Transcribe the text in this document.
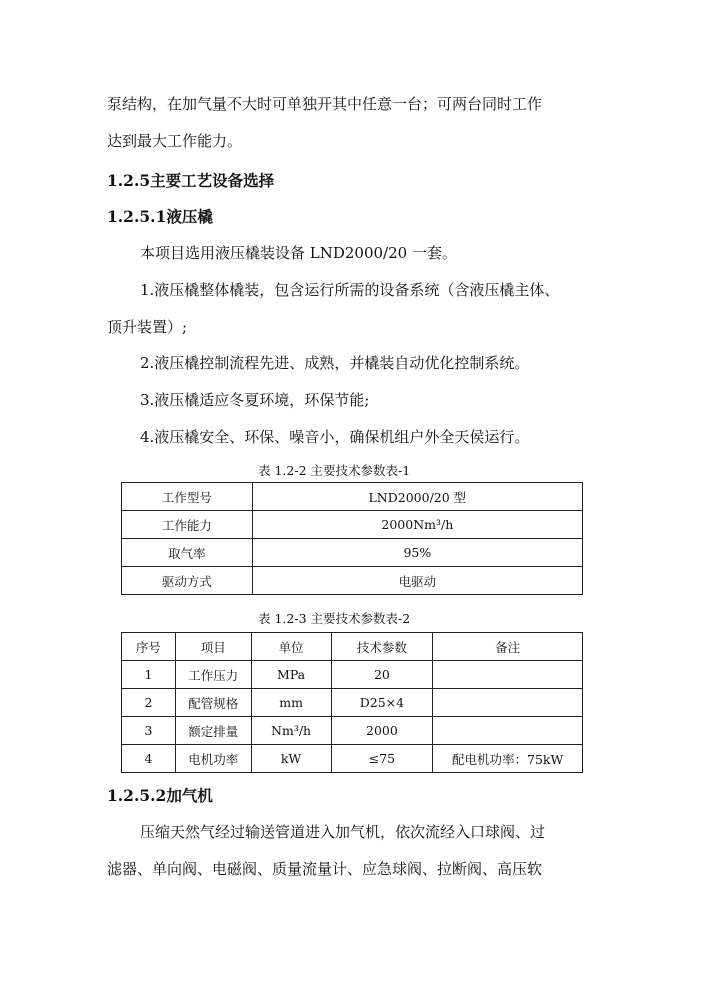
泵结构，在加气量不大时可单独开其中任意一台；可两台同时工作
达到最大工作能力。
1.2.5主要工艺设备选择
1.2.5.1液压橇
本项目选用液压橇装设备 LND2000/20 一套。
1.液压橇整体橇装，包含运行所需的设备系统（含液压橇主体、
顶升装置）;
2.液压橇控制流程先进、成熟，并橇装自动优化控制系统。
3.液压橇适应冬夏环境，环保节能;
4.液压橇安全、环保、噪音小，确保机组户外全天侯运行。
表 1.2-2 主要技术参数表-1
工作型号	LND2000/20 型
工作能力	2000Nm³/h
取气率	95%
驱动方式	电驱动
表 1.2-3 主要技术参数表-2
序号	项目	单位	技术参数	备注
1	工作压力	MPa	20	
2	配管规格	mm	D25×4	
3	额定排量	Nm³/h	2000	
4	电机功率	kW	≤75	配电机功率：75kW
1.2.5.2加气机
压缩天然气经过输送管道进入加气机，依次流经入口球阀、过
滤器、单向阀、电磁阀、质量流量计、应急球阀、拉断阀、高压软
